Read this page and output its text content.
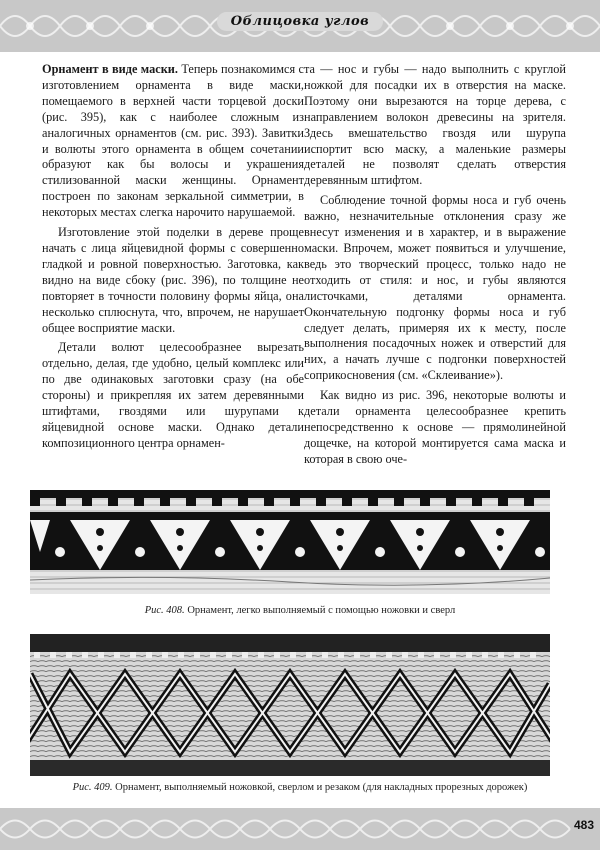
Облицовка углов

Орнамент в виде маски. Теперь познакомимся с изготовлением орнамента в виде маски, помещаемого в верхней части торцевой доски (рис. 395), как с наиболее сложным из аналогичных орнаментов (см. рис. 393). Завитки и волюты этого орнамента в общем сочетании образуют как бы волосы и украшения стилизованной маски женщины. Орнамент построен по законам зеркальной симметрии, в некоторых местах слегка нарочито нарушаемой.

Изготовление этой поделки в дереве проще начать с лица яйцевидной формы с совершенно гладкой и ровной поверхностью. Заготовка, как видно на виде сбоку (рис. 396), по толщине не повторяет в точности половину формы яйца, она несколько сплюснута, что, впрочем, не нарушает общее восприятие маски.

Детали волют целесообразнее вырезать отдельно, делая, где удобно, целый комплекс или по две одинаковых заготовки сразу (на обе стороны) и прикрепляя их затем деревянными штифтами, гвоздями или шурупами к яйцевидной основе маски. Однако детали композиционного центра орнамен-

та — нос и губы — надо выполнить с круглой ножкой для посадки их в отверстия на маске. Поэтому они вырезаются на торце дерева, с направлением волокон древесины на зрителя. Здесь вмешательство гвоздя или шурупа испортит всю маску, а маленькие размеры деталей не позволят сделать отверстия деревянным штифтом.

Соблюдение точной формы носа и губ очень важно, незначительные отклонения сразу же внесут изменения и в характер, и в выражение маски. Впрочем, может появиться и улучшение, ведь это творческий процесс, только надо не отходить от стиля: и нос, и губы являются листочками, деталями орнамента. Окончательную подгонку формы носа и губ следует делать, примеряя их к месту, после выполнения посадочных ножек и отверстий для них, а начать лучше с подгонки поверхностей соприкосновения (см. «Склеивание»).

Как видно из рис. 396, некоторые волюты и детали орнамента целесообразнее крепить непосредственно к основе — прямолинейной дощечке, на которой монтируется сама маска и которая в свою оче-

Рис. 408. Орнамент, легко выполняемый с помощью ножовки и сверл
Рис. 409. Орнамент, выполняемый ножовкой, сверлом и резаком (для накладных прорезных дорожек)
483
